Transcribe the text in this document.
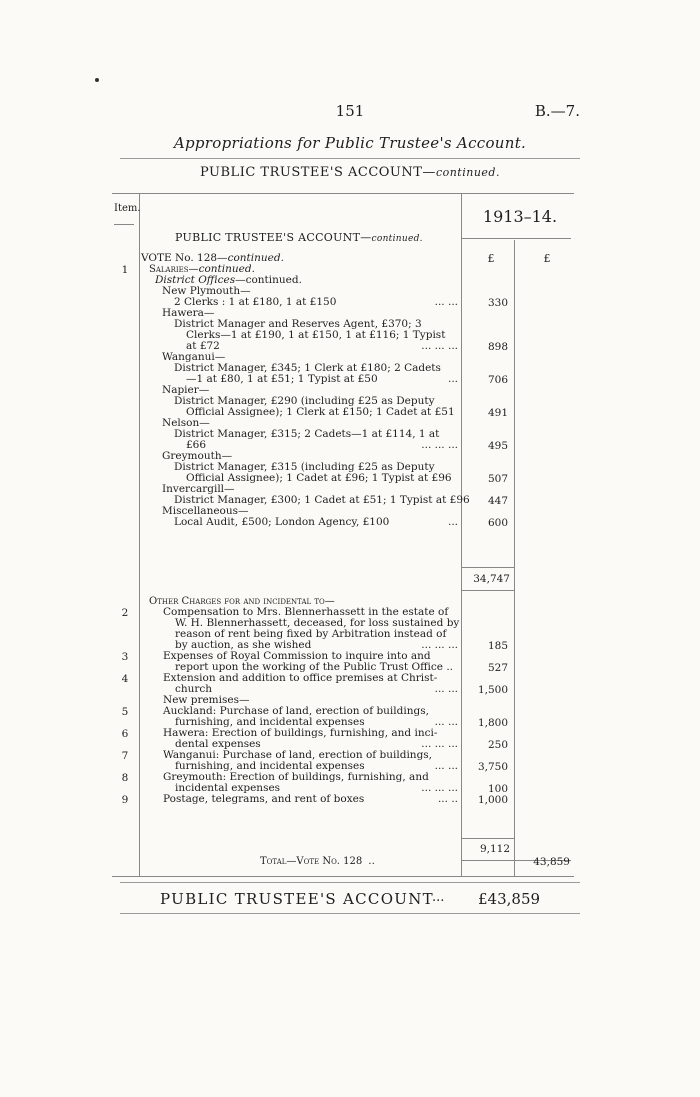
151	B.—7.
Appropriations for Public Trustee's Account.
PUBLIC TRUSTEE'S ACCOUNT—continued.
Item.	1913–14.
PUBLIC TRUSTEE'S ACCOUNT—continued.
£	£
VOTE No. 128—continued.
1	Salaries—continued.
District Offices—continued.
New Plymouth—
2 Clerks : 1 at £180, 1 at £150	... ...	330
Hawera—
District Manager and Reserves Agent, £370; 3
Clerks—1 at £190, 1 at £150, 1 at £116; 1 Typist
at £72	... ... ...	898
Wanganui—
District Manager, £345; 1 Clerk at £180; 2 Cadets
—1 at £80, 1 at £51; 1 Typist at £50	...	706
Napier—
District Manager, £290 (including £25 as Deputy
Official Assignee); 1 Clerk at £150; 1 Cadet at £51	491
Nelson—
District Manager, £315; 2 Cadets—1 at £114, 1 at
£66	... ... ...	495
Greymouth—
District Manager, £315 (including £25 as Deputy
Official Assignee); 1 Cadet at £96; 1 Typist at £96	507
Invercargill—
District Manager, £300; 1 Cadet at £51; 1 Typist at £96	447
Miscellaneous—
Local Audit, £500; London Agency, £100	...	600
34,747
Other Charges for and incidental to—
2	Compensation to Mrs. Blennerhassett in the estate of
W. H. Blennerhassett, deceased, for loss sustained by
reason of rent being fixed by Arbitration instead of
by auction, as she wished	... ... ...	185
3	Expenses of Royal Commission to inquire into and
report upon the working of the Public Trust Office ..	527
4	Extension and addition to office premises at Christ-
church	... ...	1,500
New premises—
5	Auckland: Purchase of land, erection of buildings,
furnishing, and incidental expenses	... ...	1,800
6	Hawera: Erection of buildings, furnishing, and inci-
dental expenses	... ... ...	250
7	Wanganui: Purchase of land, erection of buildings,
furnishing, and incidental expenses	... ...	3,750
8	Greymouth: Erection of buildings, furnishing, and
incidental expenses	... ... ...	100
9	Postage, telegrams, and rent of boxes	... ..	1,000
9,112
Total—Vote No. 128 ..	43,859
PUBLIC TRUSTEE'S ACCOUNT
... £43,859
